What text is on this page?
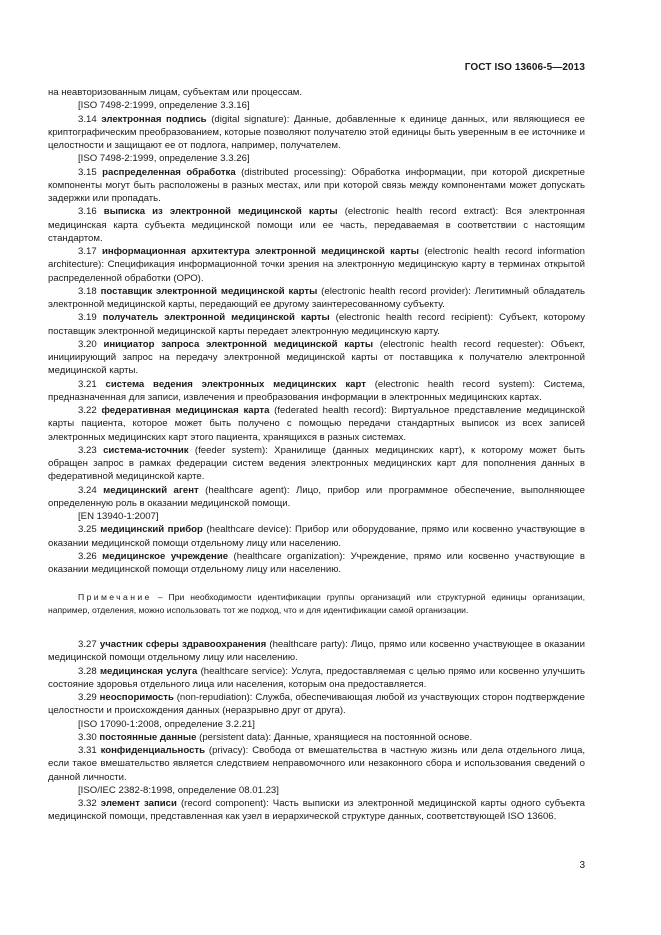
ГОСТ ISO 13606-5—2013

на неавторизованным лицам, субъектам или процессам.

[ISO 7498-2:1999, определение 3.3.16]

3.14 электронная подпись (digital signature): Данные, добавленные к единице данных, или являющиеся ее криптографическим преобразованием, которые позволяют получателю этой единицы быть уверенным в ее источнике и целостности и защищают ее от подлога, например, получателем.

[ISO 7498-2:1999, определение 3.3.26]

3.15 распределенная обработка (distributed processing): Обработка информации, при которой дискретные компоненты могут быть расположены в разных местах, или при которой связь между компонентами может допускать задержки или пропадать.

3.16 выписка из электронной медицинской карты (electronic health record extract): Вся электронная медицинская карта субъекта медицинской помощи или ее часть, передаваемая в соответствии с настоящим стандартом.

3.17 информационная архитектура электронной медицинской карты (electronic health record information architecture): Спецификация информационной точки зрения на электронную медицинскую карту в терминах открытой распределенной обработки (ОРО).

3.18 поставщик электронной медицинской карты (electronic health record provider): Легитимный обладатель электронной медицинской карты, передающий ее другому заинтересованному субъекту.

3.19 получатель электронной медицинской карты (electronic health record recipient): Субъект, которому поставщик электронной медицинской карты передает электронную медицинскую карту.

3.20 инициатор запроса электронной медицинской карты (electronic health record requester): Объект, инициирующий запрос на передачу электронной медицинской карты от поставщика к получателю электронной медицинской карты.

3.21 система ведения электронных медицинских карт (electronic health record system): Система, предназначенная для записи, извлечения и преобразования информации в электронных медицинских картах.

3.22 федеративная медицинская карта (federated health record): Виртуальное представление медицинской карты пациента, которое может быть получено с помощью передачи стандартных выписок из всех записей электронных медицинских карт этого пациента, хранящихся в разных системах.

3.23 система-источник (feeder system): Хранилище (данных медицинских карт), к которому может быть обращен запрос в рамках федерации систем ведения электронных медицинских карт для пополнения данных в федеративной медицинской карте.

3.24 медицинский агент (healthcare agent): Лицо, прибор или программное обеспечение, выполняющее определенную роль в оказании медицинской помощи.

[EN 13940-1:2007]

3.25 медицинский прибор (healthcare device): Прибор или оборудование, прямо или косвенно участвующие в оказании медицинской помощи отдельному лицу или населению.

3.26 медицинское учреждение (healthcare organization): Учреждение, прямо или косвенно участвующие в оказании медицинской помощи отдельному лицу или населению.

Примечание – При необходимости идентификации группы организаций или структурной единицы организации, например, отделения, можно использовать тот же подход, что и для идентификации самой организации.

3.27 участник сферы здравоохранения (healthcare party): Лицо, прямо или косвенно участвующее в оказании медицинской помощи отдельному лицу или населению.

3.28 медицинская услуга (healthcare service): Услуга, предоставляемая с целью прямо или косвенно улучшить состояние здоровья отдельного лица или населения, которым она предоставляется.

3.29 неоспоримость (non-repudiation): Служба, обеспечивающая любой из участвующих сторон подтверждение целостности и происхождения данных (неразрывно друг от друга).

[ISO 17090-1:2008, определение 3.2.21]

3.30 постоянные данные (persistent data): Данные, хранящиеся на постоянной основе.

3.31 конфиденциальность (privacy): Свобода от вмешательства в частную жизнь или дела отдельного лица, если такое вмешательство является следствием неправомочного или незаконного сбора и использования сведений о данной личности.

[ISO/IEC 2382-8:1998, определение 08.01.23]

3.32 элемент записи (record component): Часть выписки из электронной медицинской карты одного субъекта медицинской помощи, представленная как узел в иерархической структуре данных, соответствующей ISO 13606.

3
